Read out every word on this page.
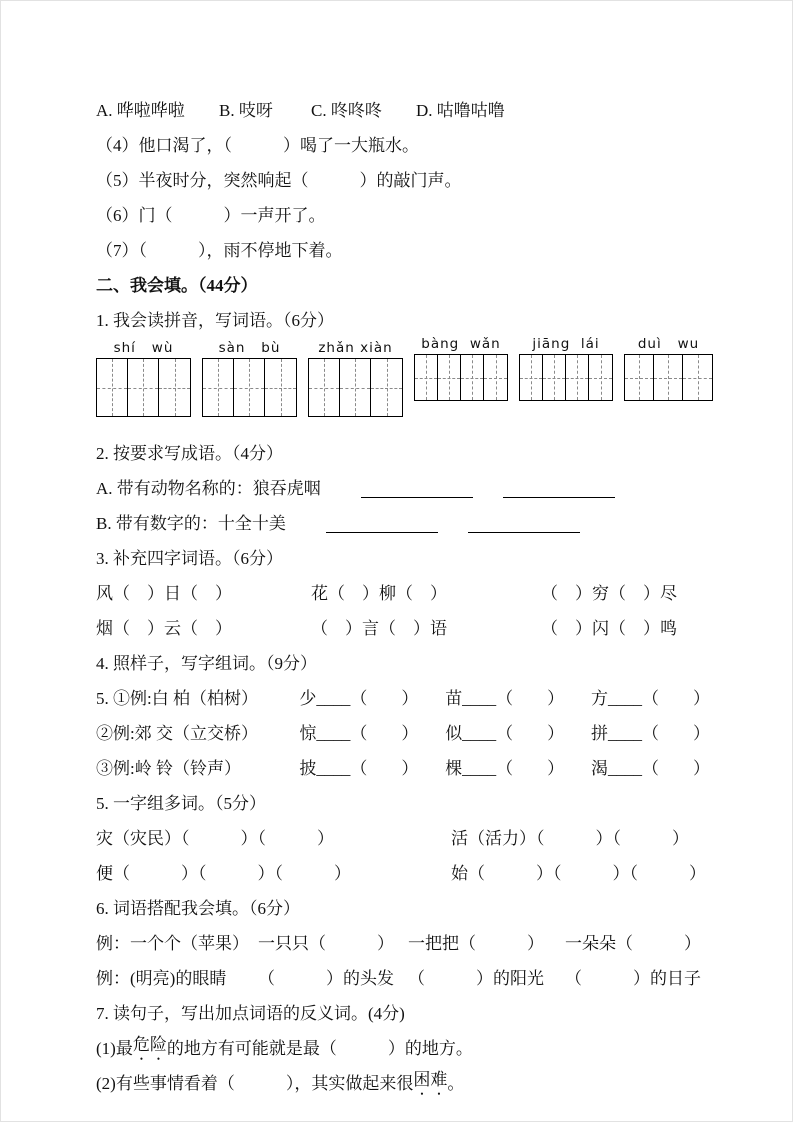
A. 哗啦哗啦	B. 吱呀	C. 咚咚咚	D. 咕噜咕噜
（4）他口渴了，（　　　）喝了一大瓶水。
（5）半夜时分，突然响起（　　　）的敲门声。
（6）门（　　　）一声开了。
（7）（　　　），雨不停地下着。
二、我会填。（44分）
1. 我会读拼音，写词语。（6分）
shí   wù	sàn   bù	zhǎn xiàn	bàng  wǎn	jiāng  lái	duì   wu
2. 按要求写成语。（4分）
A. 带有动物名称的：狼吞虎咽
B. 带有数字的：十全十美
3. 补充四字词语。（6分）
风（　）日（　）	花（　）柳（　）	（　）穷（　）尽
烟（　）云（　）	（　）言（　）语	（　）闪（　）鸣
4. 照样子，写字组词。（9分）
5. ①例:白 柏（柏树）	少____（　　）	苗____（　　）	方____（　　）
②例:郊 交（立交桥）	惊____（　　）	似____（　　）	拼____（　　）
③例:岭 铃（铃声）	披____（　　）	棵____（　　）	渴____（　　）
5. 一字组多词。（5分）
灾（灾民）（　　　）（　　　）	活（活力）（　　　）（　　　）
便（　　　）（　　　）（　　　）	始（　　　）（　　　）（　　　）
6. 词语搭配我会填。（6分）
例：一个个（苹果） 一只只（　　　） 一把把（　　　）	一朵朵（　　　）
例：(明亮)的眼睛	（　　　）的头发 （　　　）的阳光	（　　　）的日子
7. 读句子，写出加点词语的反义词。(4分)
(1)最 危险 的地方有可能就是最（　　　）的地方。
(2)有些事情看着（　　　），其实做起来很 困难 。
